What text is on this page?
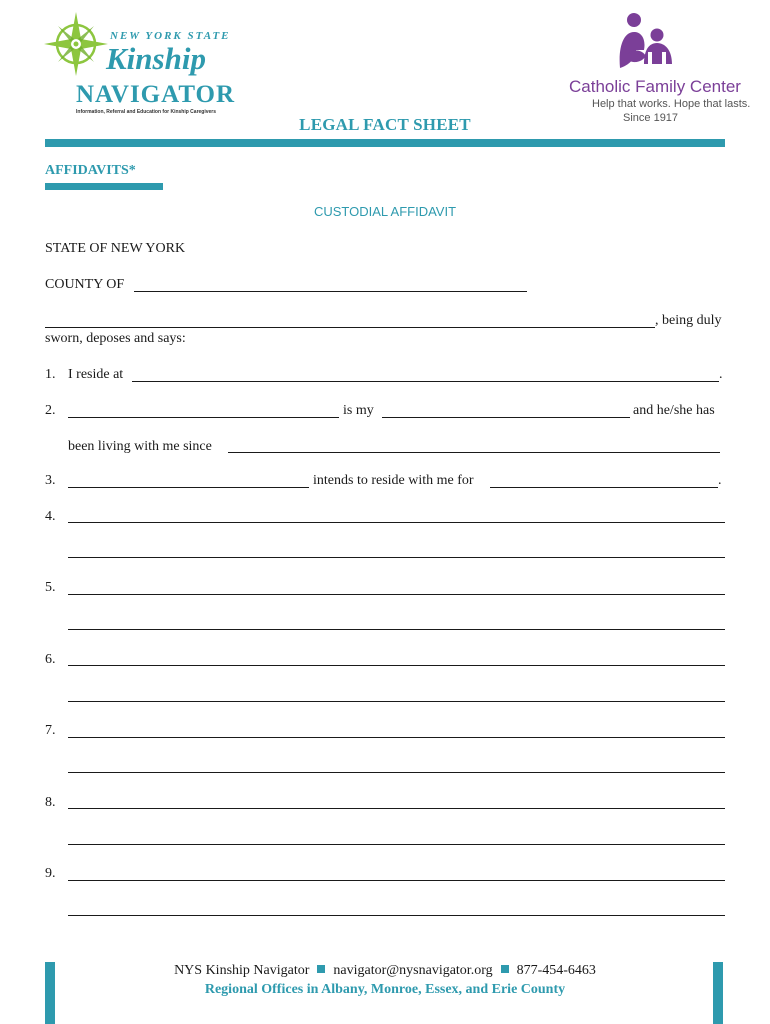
NEW YORK STATE
Kinship
NAVIGATOR
Information, Referral and Education for Kinship Caregivers
Catholic Family Center
Help that works. Hope that lasts.
Since 1917
LEGAL FACT SHEET
AFFIDAVITS*
CUSTODIAL AFFIDAVIT
STATE OF NEW YORK
COUNTY OF
, being duly
sworn, deposes and says:
1. I reside at	.
2.	is my	and he/she has
been living with me since
3.	intends to reside with me for	.
4.
5.
6.
7.
8.
9.
NYS Kinship Navigator navigator@nysnavigator.org 877-454-6463
Regional Offices in Albany, Monroe, Essex, and Erie County
